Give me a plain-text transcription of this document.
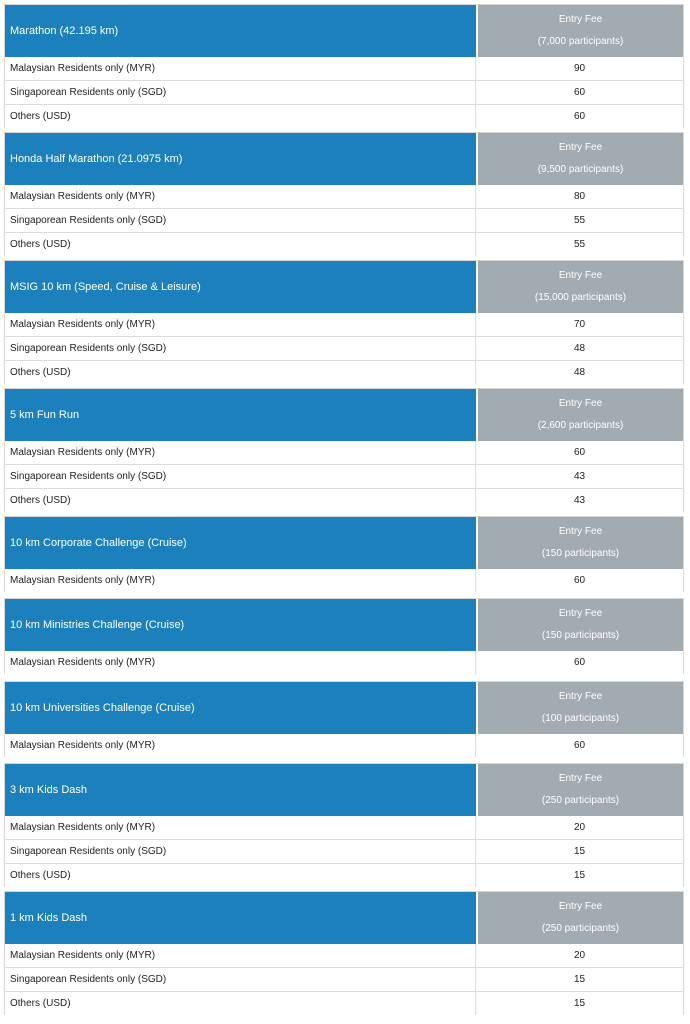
Marathon (42.195 km)
Entry Fee
(7,000 participants)
Malaysian Residents only (MYR)	90
Singaporean Residents only (SGD)	60
Others (USD)	60
Honda Half Marathon (21.0975 km)
Entry Fee
(9,500 participants)
Malaysian Residents only (MYR)	80
Singaporean Residents only (SGD)	55
Others (USD)	55
MSIG 10 km (Speed, Cruise & Leisure)
Entry Fee
(15,000 participants)
Malaysian Residents only (MYR)	70
Singaporean Residents only (SGD)	48
Others (USD)	48
5 km Fun Run
Entry Fee
(2,600 participants)
Malaysian Residents only (MYR)	60
Singaporean Residents only (SGD)	43
Others (USD)	43
10 km Corporate Challenge (Cruise)
Entry Fee
(150 participants)
Malaysian Residents only (MYR)	60
10 km Ministries Challenge (Cruise)
Entry Fee
(150 participants)
Malaysian Residents only (MYR)	60
10 km Universities Challenge (Cruise)
Entry Fee
(100 participants)
Malaysian Residents only (MYR)	60
3 km Kids Dash
Entry Fee
(250 participants)
Malaysian Residents only (MYR)	20
Singaporean Residents only (SGD)	15
Others (USD)	15
1 km Kids Dash
Entry Fee
(250 participants)
Malaysian Residents only (MYR)	20
Singaporean Residents only (SGD)	15
Others (USD)	15
